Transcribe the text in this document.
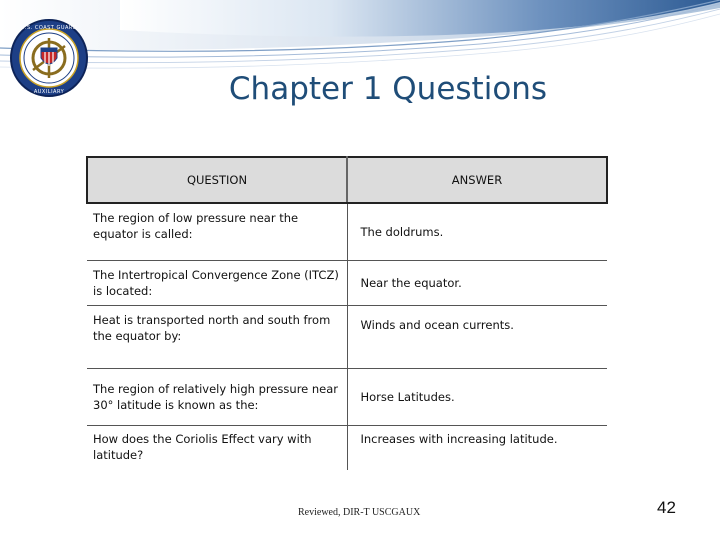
U.S. COAST GUARD
AUXILIARY	Chapter 1 Questions
QUESTION	ANSWER
The region of low pressure near the equator is called:	The doldrums.
The Intertropical Convergence Zone (ITCZ) is located:	Near the equator.
Heat is transported north and south from the equator by:	Winds and ocean currents.
The region of relatively high pressure near 30° latitude is known as the:	Horse Latitudes.
How does the Coriolis Effect vary with latitude?	Increases with increasing latitude.
Reviewed, DIR-T USCGAUX	42
